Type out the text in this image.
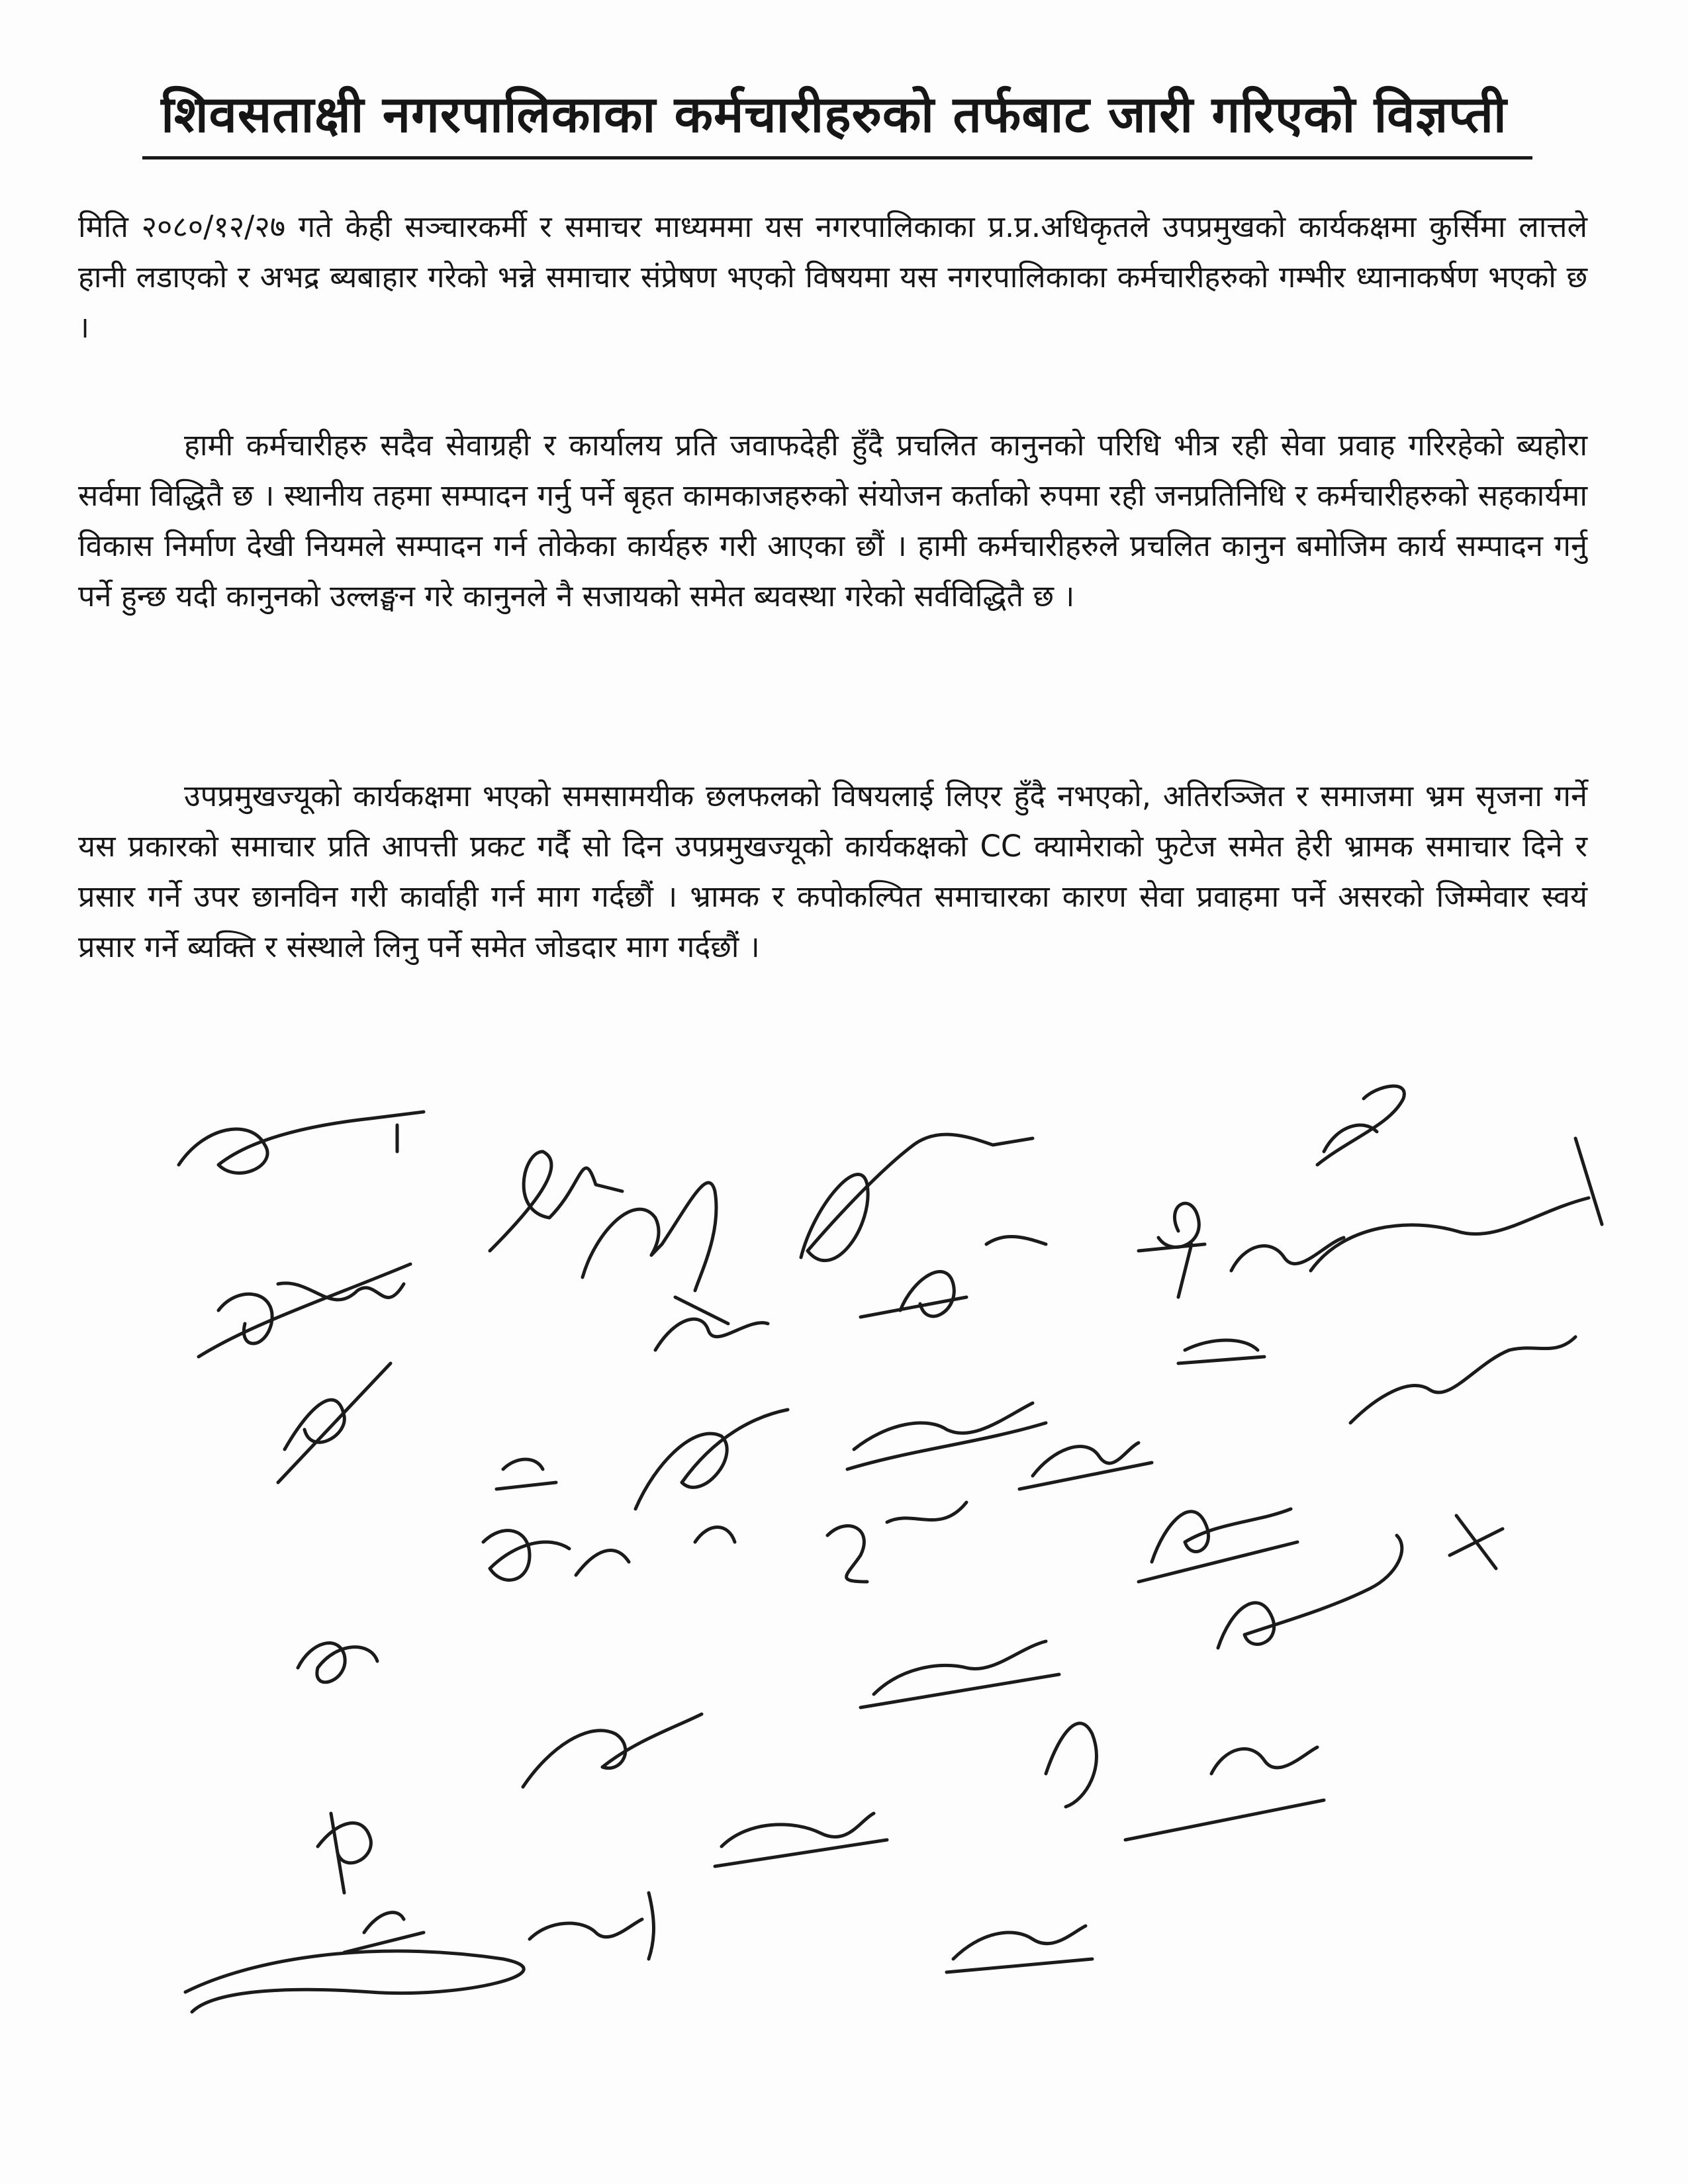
शिवसताक्षी नगरपालिकाका कर्मचारीहरुको तर्फबाट जारी गरिएको विज्ञप्ती

मिति २०८०/१२/२७ गते केही सञ्चारकर्मी र समाचर माध्यममा यस नगरपालिकाका प्र.प्र.अधिकृतले उपप्रमुखको कार्यकक्षमा कुर्सिमा लात्तले हानी लडाएको र अभद्र ब्यबाहार गरेको भन्ने समाचार संप्रेषण भएको विषयमा यस नगरपालिकाका कर्मचारीहरुको गम्भीर ध्यानाकर्षण भएको छ ।

हामी कर्मचारीहरु सदैव सेवाग्रही र कार्यालय प्रति जवाफदेही हुँदै प्रचलित कानुनको परिधि भीत्र रही सेवा प्रवाह गरिरहेको ब्यहोरा सर्वमा विद्धितै छ । स्थानीय तहमा सम्पादन गर्नु पर्ने बृहत कामकाजहरुको संयोजन कर्ताको रुपमा रही जनप्रतिनिधि र कर्मचारीहरुको सहकार्यमा विकास निर्माण देखी नियमले सम्पादन गर्न तोकेका कार्यहरु गरी आएका छौं । हामी कर्मचारीहरुले प्रचलित कानुन बमोजिम कार्य सम्पादन गर्नु पर्ने हुन्छ यदी कानुनको उल्लङ्घन गरे कानुनले नै सजायको समेत ब्यवस्था गरेको सर्वविद्धितै छ ।

उपप्रमुखज्यूको कार्यकक्षमा भएको समसामयीक छलफलको विषयलाई लिएर हुँदै नभएको, अतिरञ्जित र समाजमा भ्रम सृजना गर्ने यस प्रकारको समाचार प्रति आपत्ती प्रकट गर्दै सो दिन उपप्रमुखज्यूको कार्यकक्षको CC क्यामेराको फुटेज समेत हेरी भ्रामक समाचार दिने र प्रसार गर्ने उपर छानविन गरी कार्वाही गर्न माग गर्दछौं । भ्रामक र कपोकल्पित समाचारका कारण सेवा प्रवाहमा पर्ने असरको जिम्मेवार स्वयं प्रसार गर्ने ब्यक्ति र संस्थाले लिनु पर्ने समेत जोडदार माग गर्दछौं ।
